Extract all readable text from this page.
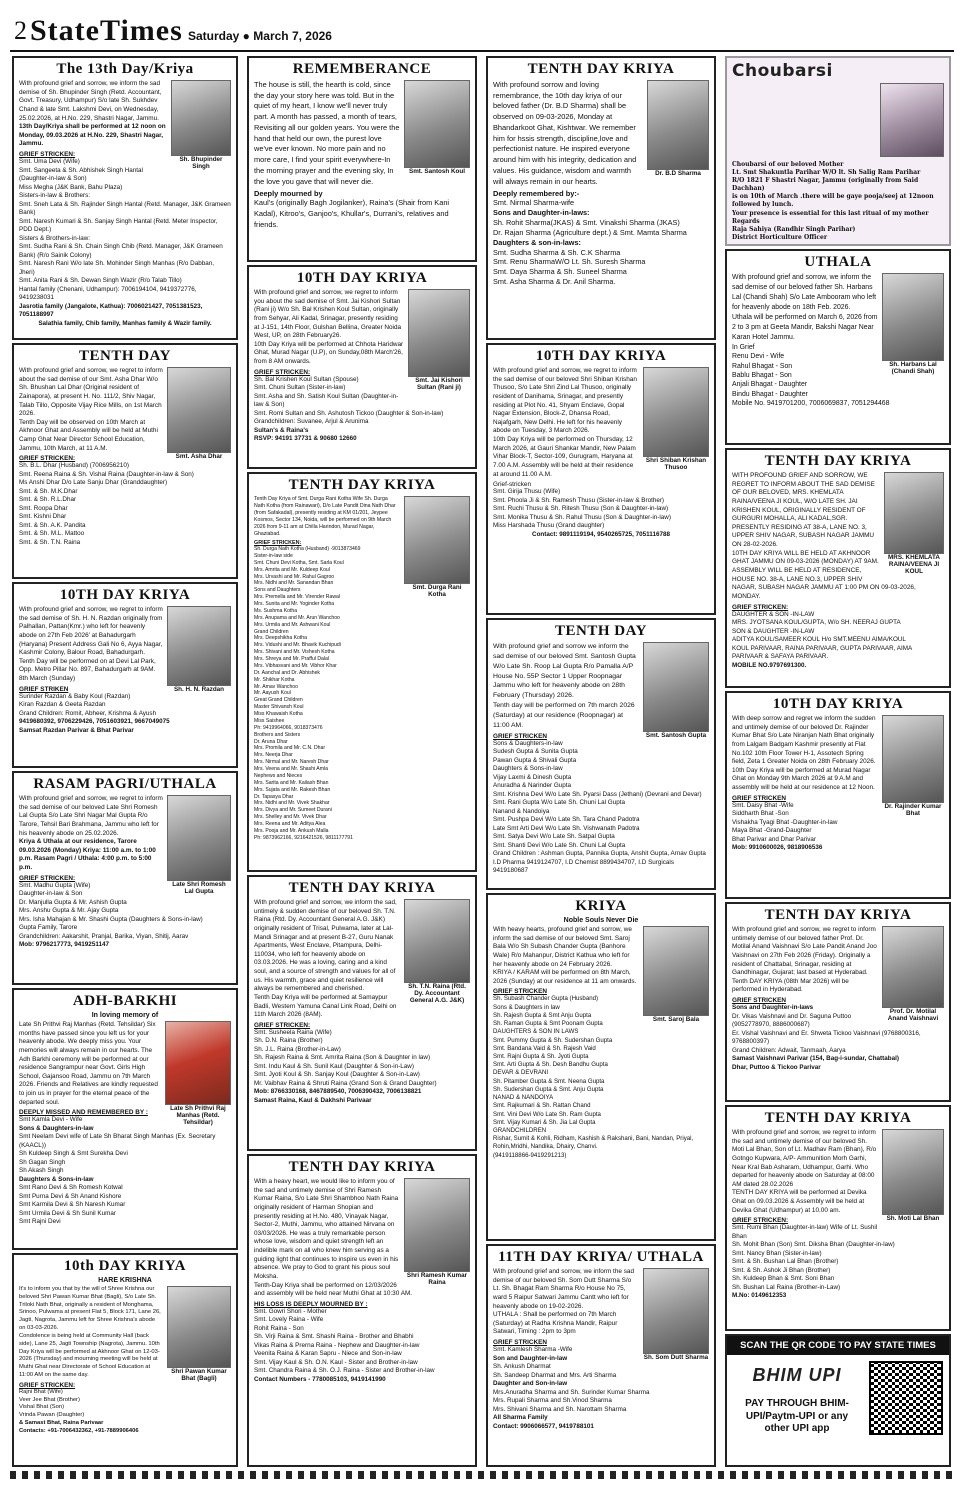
2 StateTimes Saturday ● March 7, 2026
The 13th Day/Kriya
Sh. Bhupinder Singh

With profound grief and sorrow, we inform the sad demise of Sh. Bhupinder Singh (Retd. Accountant, Govt. Treasury, Udhampur) S/o late Sh. Sukhdev Chand & late Smt. Lakshmi Devi, on Wednesday, 25.02.2026, at H.No. 229, Shastri Nagar, Jammu.

13th Day/Kriya shall be performed at 12 noon on Monday, 09.03.2026 at H.No. 229, Shastri Nagar, Jammu.

GRIEF STRICKEN:
Smt. Uma Devi (Wife)
Smt. Sangeeta & Sh. Abhishek Singh Hantal (Daughter-in-law & Son)
Miss Megha (J&K Bank, Bahu Plaza)
Sisters-in-law & Brothers:
Smt. Sneh Lata & Sh. Rajinder Singh Hantal (Retd. Manager, J&K Grameen Bank)
Smt. Naresh Kumari & Sh. Sanjay Singh Hantal (Retd. Meter Inspector, PDD Dept.)
Sisters & Brothers-in-law:
Smt. Sudha Rani & Sh. Chain Singh Chib (Retd. Manager, J&K Grameen Bank) (R/o Sainik Colony)
Smt. Naresh Rani W/o late Sh. Mohinder Singh Manhas (R/o Dabban, Jheri)
Smt. Anita Rani & Sh. Dewan Singh Wazir (R/o Talab Tillo)
Hantal family (Chenani, Udhampur): 7006194104, 9419372776, 9419238031
Jasrotia family (Jangalote, Kathua): 7006021427, 7051381523, 7051188997
Salathia family, Chib family, Manhas family & Wazir family.
TENTH DAY
Smt. Asha Dhar

With profound grief and sorrow, we regret to inform about the sad demise of our Smt. Asha Dhar W/o Sh. Bhushan Lal Dhar (Original resident of Zainapora), at present H. No. 111/2, Shiv Nagar, Talab Tillo, Opposite Vijay Rice Mills, on 1st March 2026.

Tenth Day will be observed on 10th March at Akhnoor Ghat and Assembly will be held at Muthi Camp Ghat Near Director School Education, Jammu, 10th March, at 11 A.M.

GRIEF STRICKEN:
Sh. B.L. Dhar (Husband) (7006956210)
Smt. Reena Raina & Sh. Vishal Raina (Daughter-in-law & Son)
Ms Anshi Dhar D/o Late Sanju Dhar (Granddaughter)
Smt. & Sh. M.K.Dhar
Smt. & Sh. R.L.Dhar
Smt. Roopa Dhar
Smt. Kishni Dhar
Smt. & Sh. A.K. Pandita
Smt. & Sh. M.L. Mattoo
Smt. & Sh. T.N. Raina
10TH DAY KRIYA
Sh. H. N. Razdan

With profound grief and sorrow, we regret to inform the sad demise of Sh. H. N. Razdan originally from Palhallan, Pattan(Kmr.) who left for heavenly abode on 27th Feb 2026' at Bahadurgarh (Haryana) Present Address Gali No 6, Ayya Nagar, Kashmir Colony, Balour Road, Bahadurgarh.

Tenth Day will be performed on at Devi Lal Park, Opp. Metro Pillar No. 897, Bahadurgarh at 9AM. 8th March (Sunday)

GRIEF STRIKEN
Surinder Razdan & Baby Koul (Razdan)
Kiran Razdan & Geeta Razdan
Grand Children: Romit, Abheer, Krishma & Ayush
9419680392, 9706229426, 7051603921, 9667049075
Samsat Razdan Parivar & Bhat Parivar
RASAM PAGRI/UTHALA
Late Shri Romesh Lal Gupta

With profound grief and sorrow, we regret to inform the sad demise of our beloved Late Shri Romesh Lal Gupta S/o Late Shri Nagar Mal Gupta R/o Tarore, Tehsil Bari Brahmana, Jammu who left for his heavenly abode on 25.02.2026.

Kriya & Uthala at our residence, Tarore 09.03.2026 (Monday) Kriya: 11:00 a.m. to 1:00 p.m. Rasam Pagri / Uthala: 4:00 p.m. to 5:00 p.m.

GRIEF STRICKEN:
Smt. Madhu Gupta (Wife)
Daughter-in-law & Son
Dr. Manjulla Gupta & Mr. Ashish Gupta
Mrs. Anshu Gupta & Mr. Ajay Gupta
Mrs. Isha Mahajan & Mr. Shashi Gupta (Daughters & Sons-in-law)
Gupta Family, Tarore
Grandchildren: Aakarshit, Pranjal, Barika, Viyan, Shitij, Aarav
Mob: 9796217773, 9419251147
ADH-BARKHI
In loving memory of
Late Sh Prithvi Raj Manhas (Retd. Tehsildar)

Late Sh Prithvi Raj Manhas (Retd. Tehsildar) Six months have passed since you left us for your heavenly abode. We deeply miss you. Your memories will always remain in our hearts. The Adh Barkhi ceremony will be performed at our residence Sangrampur near Govt. Girls High School, Gajansoo Road, Jammu on 7th March 2026. Friends and Relatives are kindly requested to join us in prayer for the eternal peace of the departed soul.

DEEPLY MISSED AND REMEMBERED BY :
Smt Kamla Devi - Wife
Sons & Daughters-in-law
Smt Neelam Devi wife of Late Sh Bharat Singh Manhas (Ex. Secretary (KAACL))
Sh Kuldeep Singh & Smt Surekha Devi
Sh Gagan Singh
Sh Akash Singh
Daughters & Sons-in-law
Smt Rano Devi & Sh Romesh Kotwal
Smt Purna Devi & Sh Anand Kishore
Smt Karmila Devi & Sh Naresh Kumar
Smt Urmila Devi & Sh Sunil Kumar
Smt Rajni Devi
10th DAY KRIYA
HARE KRISHNA
Shri Pawan Kumar Bhat (Bagli)

It's to inform you that by the will of Shree Krishna our beloved Shri Pawan Kumar Bhat (Bagli), S/o Late Sh. Triloki Nath Bhat, originally a resident of Monghama, Srinoo, Pulwama at present Flat 5, Block 171, Lane 26, Jagti, Nagrota, Jammu left for Shree Krishna's abode on 03-03-2026.

Condolence is being held at Community Hall (back side), Lane 25, Jagti Township (Nagrota), Jammu. 10th Day Kriya will be performed at Akhnoor Ghat on 12-03-2026 (Thursday) and mourning meeting will be held at Muthi Ghat near Directorate of School Education at 11:00 AM on the same day.

GRIEF STRICKEN:
Rajni Bhat (Wife)
Veer Jee Bhat (Brother)
Vishal Bhat (Son)
Vrinda Pawan (Daughter)
& Samast Bhat, Raina Parivaar
Contacts: +91-7006432362, +91-7889906406
REMEMBERANCE
Smt. Santosh Koul

The house is still, the hearth is cold, since the day your story here was told. But in the quiet of my heart, I know we'll never truly part. A month has passed, a month of tears, Revisiting all our golden years. You were the hand that held our own, the purest love we've ever known. No more pain and no more care, I find your spirit everywhere-In the morning prayer and the evening sky, In the love you gave that will never die.

Deeply mourned by

Kaul's (originally Bagh Jogilanker), Raina's (Shair from Kani Kadal), Kitroo's, Ganjoo's, Khullar's, Durrani's, relatives and friends.

10TH DAY KRIYA
Smt. Jai Kishori Sultan (Rani ji)

With profound grief and sorrow, we regret to inform you about the sad demise of Smt. Jai Kishori Sultan (Rani ji) W/o Sh. Bal Krishen Koul Sultan, originally from Sehyar, Ali Kadal, Srinagar, presently residing at J-151, 14th Floor, Gulshan Bellina, Greater Noida West, UP, on 28th February26.

10th Day Kriya will be performed at Chhota Haridwar Ghat, Murad Nagar (U.P), on Sunday,08th March'26, from 8 AM onwards.

GRIEF STRICKEN:
Sh. Bal Krishen Koul Sultan (Spouse)
Smt. Chuni Sultan (Sister-in-law)
Smt. Asha and Sh. Satish Koul Sultan (Daughter-in-law & Son)
Smt. Romi Sultan and Sh. Ashutosh Tickoo (Daughter & Son-in-law)
Grandchildren: Suvanee, Arjul & Arunima
Sultan's & Raina's
RSVP: 94191 37731 & 90680 12660
TENTH DAY KRIYA
Smt. Durga Rani Kotha

Tenth Day Kriya of Smt. Durga Rani Kotha Wife Sh. Durga Nath Kotha (from Rainawari), D/o Late Pandit Dina Nath Dhar (from Safakadal), presently residing at KM 01/201, Jeypee Kosmos, Sector 134, Noida, will be performed on 9th March 2026 from 9-11 am at Chilla Harindon, Murad Nagar, Ghaziabad.

GRIEF STRICKEN:
Sh. Durga Nath Kotha (Husband) -9013873469
Sister-in-law side
Smt. Chuni Devi Kotha, Smt. Sarla Koul
Mrs. Amrita and Mr. Kuldeep Koul
Mrs. Urvashi and Mr. Rahul Gagroo
Mrs. Nidhi and Mr. Sanandan Bhan
Sons and Daughters
Mrs. Premella and Mr. Virender Rawal
Mrs. Sunita and Mr. Yoginder Kotha
Ms. Sushma Kotha
Mrs. Anupama and Mr. Arun Wanchoo
Mrs. Urmila and Mr. Ashwani Koul
Grand Children
Mrs. Deepshikha Kotha
Mrs. Vidushi and Mr. Bhavik Kuchipudi
Mrs. Shivani and Mr. Vishesh Kotha
Mrs. Shreya and Mr. Prafful Dalal
Mrs. Vibhasvani and Mr. Vibhor Khar
Dr. Aanchal and Dr. Abhishek
Mr. Shikhar Kotha
Mr. Amav Wanchoo
Mr. Aayush Koul
Great Grand Children
Master Shivansh Koul
Miss Khawaish Kotha
Miss Saishee
Ph: 9419964066, 9018373476
Brothers and Sisters
Dr. Aruna Dhar
Mrs. Promila and Mr. C.N. Dhar
Mrs. Neerja Dhar
Mrs. Nirmal and Mr. Naresh Dhar
Mrs. Veena and Mr. Shashi Amla
Nephews and Nieces
Mrs. Sarita and Mr. Kailash Bhan
Mrs. Sujata and Mr. Rakesh Bhan
Dr. Tapasya Dhar
Mrs. Nidhi and Mr. Vivek Shakhar
Mrs. Divya and Mr. Sumeet Durani
Mrs. Shelley and Mr. Vivek Dhar
Mrs. Reena and Mr. Aditya Alea
Mrs. Pooja and Mr. Ankush Malla
Ph: 9873962166, 9216421526, 9811177791
TENTH DAY KRIYA
Sh. T.N. Raina (Rtd. Dy. Accountant General A.G. J&K)

With profound grief and sorrow, we inform the sad, untimely & sudden demise of our beloved Sh. T.N. Raina (Rtd. Dy. Accountant General A.G. J&K) originally resident of Trisal, Pulwama, later at Lal-Mandi Srinagar and at present B-27, Guru Nanak Apartments, West Enclave, Pitampura, Delhi-110034, who left for heavenly abode on 03.03.2026. He was a loving, caring and a kind soul, and a source of strength and values for all of us. His warmth, grace and quiet resilience will always be remembered and cherished.

Tenth Day Kriya will be performed at Samaypur Badli, Western Yamuna Canal Link Road, Delhi on 11th March 2026 (8AM).

GRIEF STRICKEN:
Smt. Susheela Raina (Wife)
Sh. D.N. Raina (Brother)
Sh. J.L. Raina (Brother-in-Law)
Sh. Rajesh Raina & Smt. Amrita Raina (Son & Daughter in law)
Smt. Indu Kaul & Sh. Sunil Kaul (Daughter & Son-in-Law)
Smt. Jyoti Koul & Sh. Sanjay Koul (Daughter & Son-in-Law)
Mr. Vaibhav Raina & Shruti Raina (Grand Son & Grand Daughter)
Mob: 8766330168, 8467889540, 7006390432, 7006138821
Samast Raina, Kaul & Dakhshi Parivaar
TENTH DAY KRIYA
Shri Ramesh Kumar Raina

With a heavy heart, we would like to inform you of the sad and untimely demise of Shri Ramesh Kumar Raina, S/o Late Shri Shambhoo Nath Raina originally resident of Harman Shopian and presently residing at H.No. 480, Vinayak Nagar, Sector-2, Muthi, Jammu, who attained Nirvana on 03/03/2026. He was a truly remarkable person whose love, wisdom and quiet strength left an indelible mark on all who knew him serving as a guiding light that continues to inspire us even in his absence. We pray to God to grant his pious soul Moksha.

Tenth-Day Kriya shall be performed on 12/03/2026 and assembly will be held near Muthi Ghat at 10:30 AM.

HIS LOSS IS DEEPLY MOURNED BY :
Smt. Gowri Shori - Mother
Smt. Lovely Raina - Wife
Rohit Raina - Son
Sh. Virji Raina & Smt. Shashi Raina - Brother and Bhabhi
Vikas Raina & Prerna Raina - Nephew and Daughter-in-law
Veenita Raina & Karan Sapru - Niece and Son-in-law
Smt. Vijay Kaul & Sh. O.N. Kaul - Sister and Brother-in-law
Smt. Chandra Raina & Sh. O.J. Raina - Sister and Brother-in-law
Contact Numbers - 7780085103, 9419141990
TENTH DAY KRIYA
Dr. B.D Sharma

With profound sorrow and loving remembrance, the 10th day kriya of our beloved father (Dr. B.D Sharma) shall be observed on 09-03-2026, Monday at Bhandarkoot Ghat, Kishtwar. We remember him for hssis strength, discipline,love and perfectionist nature. He inspired everyone around him with his integrity, dedication and values. His guidance, wisdom and warmth will always remain in our hearts.

Deeply remembered by:-
Smt. Nirmal Sharma-wife
Sons and Daughter-in-laws:
Sh. Rohit Sharma(JKAS) & Smt. Vinakshi Sharma (JKAS)
Dr. Rajan Sharma (Agriculture dept.) & Smt. Mamta Sharma
Daughters & son-in-laws:
Smt. Sudha Sharma & Sh. C.K Sharma
Smt. Renu SharmaW/O Lt. Sh. Suresh Sharma
Smt. Daya Sharma & Sh. Suneel Sharma
Smt. Asha Sharma & Dr. Anil Sharma.
10TH DAY KRIYA
Shri Shiban Krishan Thusoo

With profound grief and sorrow, we regret to inform the sad demise of our beloved Shri Shiban Krishan Thusoo, S/o Late Shri Zind Lal Thusoo, originally resident of Danihama, Srinagar, and presently residing at Plot No. 41, Shyam Enclave, Gopal Nagar Extension, Block-Z, Dhansa Road, Najafgarh, New Delhi. He left for his heavenly abode on Tuesday, 3 March 2026.

10th Day Kriya will be performed on Thursday, 12 March 2026, at Gauri Shankar Mandir, New Palam Vihar Block-T, Sector-109, Gurugram, Haryana at 7.00 A.M. Assembly will be held at their residence at around 11.00 A.M.

Grief-stricken
Smt. Girija Thusu (Wife)
Smt. Phoola Ji & Sh. Ramesh Thusu (Sister-in-law & Brother)
Smt. Ruchi Thusu & Sh. Ritesh Thusu (Son & Daughter-in-law)
Smt. Monika Thusu & Sh. Rahul Thusu (Son & Daughter-in-law)
Miss Harshada Thusu (Grand daughter)
Contact: 9891119194, 9540265725, 7051116788
TENTH DAY
Smt. Santosh Gupta

With profound grief and sorrow we inform the sad demise of our beloved Smt. Santosh Gupta W/o Late Sh. Roop Lal Gupta R/o Pamalla A/P House No. 55P Sector 1 Upper Roopnagar Jammu who left for heavenly abode on 28th February (Thursday) 2026.

Tenth day will be performed on 7th march 2026 (Saturday) at our residence (Roopnagar) at 11:00 AM.

GRIEF STRICKEN
Sons & Daughters-in-law
Sudesh Gupta & Sunita Gupta
Pawan Gupta & Shivali Gupta
Daughters & Sons-in-law
Vijay Laxmi & Dinesh Gupta
Anuradha & Narinder Gupta
Smt. Krishna Devi W/o Late Sh. Pyarsi Dass (Jethani) (Devrani and Devar)
Smt. Rani Gupta W/o Late Sh. Chuni Lal Gupta
Nanand & Nandoiya
Smt. Pushpa Devi W/o Late Sh. Tara Chand Padotra
Late Smt Arti Devi W/o Late Sh. Vishwanath Padotra
Smt. Satya Devi W/o Late Sh. Satpal Gupta
Smt. Shanti Devi W/o Late Sh. Chuni Lal Gupta
Grand Children : Ashman Gupta, Pannika Gupta, Anshit Gupta, Arnav Gupta
I.D Pharma 9419124707, I.D Chemist 8899434707, I.D Surgicals 9419180687
KRIYA
Noble Souls Never Die
Smt. Saroj Bala

With heavy hearts, profound grief and sorrow, we inform the sad demise of our beloved Smt. Saroj Bala W/o Sh Subash Chander Gupta (Banhore Wale) R/o Mahanpur, District Kathua who left for her heavenly abode on 24 February 2026.

KRIYA / KARAM will be performed on 8th March, 2026 (Sunday) at our residence at 11 am onwards.

GRIEF STRICKEN
Sh. Subash Chander Gupta (Husband)
Sons & Daughters in law
Sh. Rajesh Gupta & Smt Anju Gupta
Sh. Raman Gupta & Smt Poonam Gupta
DAUGHTERS & SON IN LAWS
Smt. Pummy Gupta & Sh. Sudershan Gupta
Smt. Bandana Vaid & Sh. Rajesh Vaid
Smt. Rajni Gupta & Sh. Jyoti Gupta
Smt. Arti Gupta & Sh. Desh Bandhu Gupta
DEVAR & DEVRANI
Sh. Pitamber Gupta & Smt. Neena Gupta
Sh. Sudershan Gupta & Smt. Anju Gupta
NANAD & NANDOIYA
Smt. Rajkumari & Sh. Rattan Chand
Smt. Vini Devi W/o Late Sh. Ram Gupta
Smt. Vijay Kumari & Sh. Jia Lal Gupta
GRANDCHILDREN
Rishar, Sumit & Kohli, Ridham, Kashish & Rakshani, Bani, Nandan, Priyal, Rohin,Mridhi, Nandika, Dhairy, Chanvi.
(9419118866-9419291213)
11TH DAY KRIYA/ UTHALA
Sh. Som Dutt Sharma

With profound grief and sorrow, we inform the sad demise of our beloved Sh. Som Dutt Sharma S/o Lt. Sh. Bhagat Ram Sharma R/o House No 75, ward 5 Raipur Satwari Jammu Cantt who left for heavenly abode on 19-02-2026.

UTHALA : Shall be performed on 7th March (Saturday) at Radha Krishna Mandir, Raipur Satwari, Timing : 2pm to 3pm

GRIEF STRICKEN
Smt. Kamlesh Sharma -Wife
Son and Daughter-in-law
Sh. Ankush Dharmat
Sh. Sandeep Dharmat and Mrs. Arti Sharma
Daughter and Son-in-law
Mrs.Anuradha Sharma and Sh. Surinder Kumar Sharma
Mrs. Rupali Sharma and Sh.Vinod Sharma
Mrs. Shivani Sharma and Sh. Narottam Sharma
All Sharma Family
Contact: 9906066577, 9419788101
Choubarsi
Choubarsi of our beloved Mother
Lt. Smt Shakuntla Parihar W/O lt. Sh Salig Ram Parihar
R/O 1821 F Shastri Nagar, Jammu (originally from Said Dachhan)
is on 10th of March .there will be gaye pooja/seej at 12noon
followed by lunch.
Your presence is essential for this last ritual of my mother
Regards
Raja Sahiya (Randhir Singh Parihar)
District Horticulture Officer
UTHALA
Sh. Harbans Lal (Chandi Shah)

With profound grief and sorrow, we inform the sad demise of our beloved father Sh. Harbans Lal (Chandi Shah) S/o Late Ambooram who left for heavenly abode on 18th Feb. 2026.

Uthala will be performed on March 6, 2026 from 2 to 3 pm at Geeta Mandir, Bakshi Nagar Near Karan Hotel Jammu.

In Grief
Renu Devi - Wife
Rahul Bhagat - Son
Bablu Bhagat - Son
Anjali Bhagat - Daughter
Bindu Bhagat - Daughter
Mobile No. 9419701200, 7006069837, 7051294468
TENTH DAY KRIYA
MRS. KHEMLATA RAINA/VEENA JI KOUL

WITH PROFOUND GRIEF AND SORROW, WE REGRET TO INFORM ABOUT THE SAD DEMISE OF OUR BELOVED, MRS. KHEMLATA RAINA/VEENA JI KOUL, W/O LATE SH. JAI KRISHEN KOUL, ORIGINALLY RESIDENT OF GURGURI MOHALLA, ALI KADAL,SGR. PRESENTLY RESIDING AT 38-A, LANE NO. 3, UPPER SHIV NAGAR, SUBASH NAGAR JAMMU ON 28-02-2026.

10TH DAY KRIYA WILL BE HELD AT AKHNOOR GHAT JAMMU ON 09-03-2026 (MONDAY) AT 9AM. ASSEMBLY WILL BE HELD AT RESIDENCE, HOUSE NO. 38-A, LANE NO.3, UPPER SHIV NAGAR, SUBASH NAGAR JAMMU AT 1:00 PM ON 09-03-2026, MONDAY.

GRIEF STRICKEN:
DAUGHTER & SON -IN-LAW
MRS. JYOTSANA KOUL/GUPTA, W/o SH. NEERAJ GUPTA
SON & DAUGHTER -IN-LAW
ADITYA KOUL/SAMEER KOUL H/o SMT.MEENU AIMA/KOUL
KOUL PARIVAAR, RAINA PARIVAAR, GUPTA PARIVAAR, AIMA PARIVAAR & SAFAYA PARIVAAR.
MOBILE NO.9797691300.
10TH DAY KRIYA
Dr. Rajinder Kumar Bhat

With deep sorrow and regret we inform the sudden and untimely demise of our beloved Dr. Rajinder Kumar Bhat S/o Late Niranjan Nath Bhat originally from Lalgam Badgam Kashmir presently at Flat No.102 10th Floor Tower H-1, Assotech Spring field, Zeta 1 Greater Noida on 28th February 2026.

10th Day Kriya will be performed at Murad Nagar Ghat on Monday 9th March 2026 at 9 A.M and assembly will be held at our residence at 12 Noon.

GRIEF STRICKEN
Smt. Daisy Bhat -Wife
Siddharth Bhat -Son
Vishakha Tyagi Bhat -Daughter-in-law
Maya Bhat -Grand-Daughter
Bhat Parivar and Dhar Parivar
Mob: 9910600026, 9818906536
TENTH DAY KRIYA
Prof. Dr. Motilal Anand Vaishnavi

With profound grief and sorrow, we regret to inform untimely demise of our beloved father Prof. Dr. Motilal Anand Vaishnavi S/o Late Pandit Anand Joo Vaishnavi on 27th Feb 2026 (Friday). Originally a resident of Chattabal, Srinagar, residing at Gandhinagar, Gujarat; last based at Hyderabad.

Tenth DAY KRIYA (08th Mar 2026) will be performed in Hyderabad.

GRIEF STRICKEN
Sons and Daughter-in-laws
Dr. Vikas Vaishnavi and Dr. Saguna Puttoo (9052778970, 8886000687)
Er. Vishal Vaishnavi and Er. Shweta Tickoo Vaishnavi (9768800316, 9768800397)
Grand Children: Adwait, Tanmaah, Aarya
Samast Vaishnavi Parivar (154, Bag-i-sundar, Chattabal)
Dhar, Puttoo & Tickoo Parivar
TENTH DAY KRIYA
Sh. Moti Lal Bhan

With profound grief and sorrow, we regret to inform the sad and untimely demise of our beloved Sh. Moti Lal Bhan, Son of Lt. Madhav Ram (Bhan), R/o Gotngo Kupwara, A/P- Ammunition Morh Garhi, Near Kral Bab Asharam, Udhampur, Garhi. Who departed for heavenly abode on Saturday at 08:00 AM dated 28.02.2026

TENTH DAY KRIYA will be performed at Devika Ghat on 09.03.2026 & Assembly will be held at Devika Ghat (Udhampur) at 10.00 am.

GRIEF STRICKEN:
Smt. Rumi Bhan (Daughter-in-law) Wife of Lt. Sushil Bhan
Sh. Mohit Bhan (Son) Smt. Diksha Bhan (Daughter-in-law)
Smt. Nancy Bhan (Sister-in-law)
Smt. & Sh. Bushan Lal Bhan (Brother)
Smt. & Sh. Ashok Ji Bhan (Brother)
Sh. Kuldeep Bhan & Smt. Soni Bhan
Sh. Bushan Lal Raina (Brother-in-Law)
M.No: 0149612353
SCAN THE QR CODE TO PAY STATE TIMES
BHIM UPI
PAY THROUGH BHIM-UPI/Paytm-UPI or any other UPI app
